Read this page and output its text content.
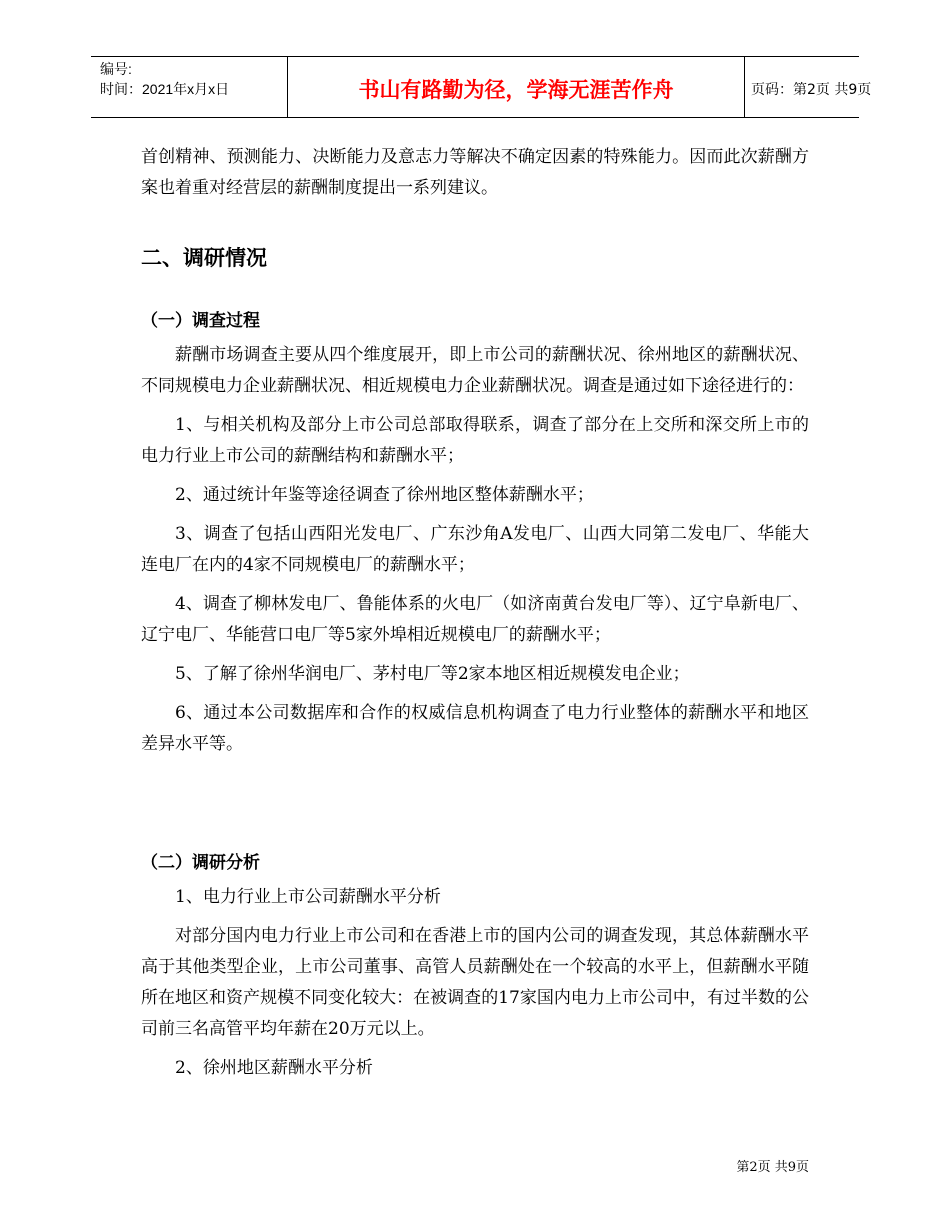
编号:
时间：2021年x月x日	书山有路勤为径，学海无涯苦作舟	页码：第2页 共9页

首创精神、预测能力、决断能力及意志力等解决不确定因素的特殊能力。因而此次薪酬方案也着重对经营层的薪酬制度提出一系列建议。

二、调研情况
（一）调查过程

薪酬市场调查主要从四个维度展开，即上市公司的薪酬状况、徐州地区的薪酬状况、不同规模电力企业薪酬状况、相近规模电力企业薪酬状况。调查是通过如下途径进行的：

1、与相关机构及部分上市公司总部取得联系，调查了部分在上交所和深交所上市的电力行业上市公司的薪酬结构和薪酬水平；

2、通过统计年鉴等途径调查了徐州地区整体薪酬水平；

3、调查了包括山西阳光发电厂、广东沙角A发电厂、山西大同第二发电厂、华能大连电厂在内的4家不同规模电厂的薪酬水平；

4、调查了柳林发电厂、鲁能体系的火电厂（如济南黄台发电厂等）、辽宁阜新电厂、辽宁电厂、华能营口电厂等5家外埠相近规模电厂的薪酬水平；

5、了解了徐州华润电厂、茅村电厂等2家本地区相近规模发电企业；

6、通过本公司数据库和合作的权威信息机构调查了电力行业整体的薪酬水平和地区差异水平等。

（二）调研分析

1、电力行业上市公司薪酬水平分析

对部分国内电力行业上市公司和在香港上市的国内公司的调查发现，其总体薪酬水平高于其他类型企业，上市公司董事、高管人员薪酬处在一个较高的水平上，但薪酬水平随所在地区和资产规模不同变化较大：在被调查的17家国内电力上市公司中，有过半数的公司前三名高管平均年薪在20万元以上。

2、徐州地区薪酬水平分析

第2页 共9页
